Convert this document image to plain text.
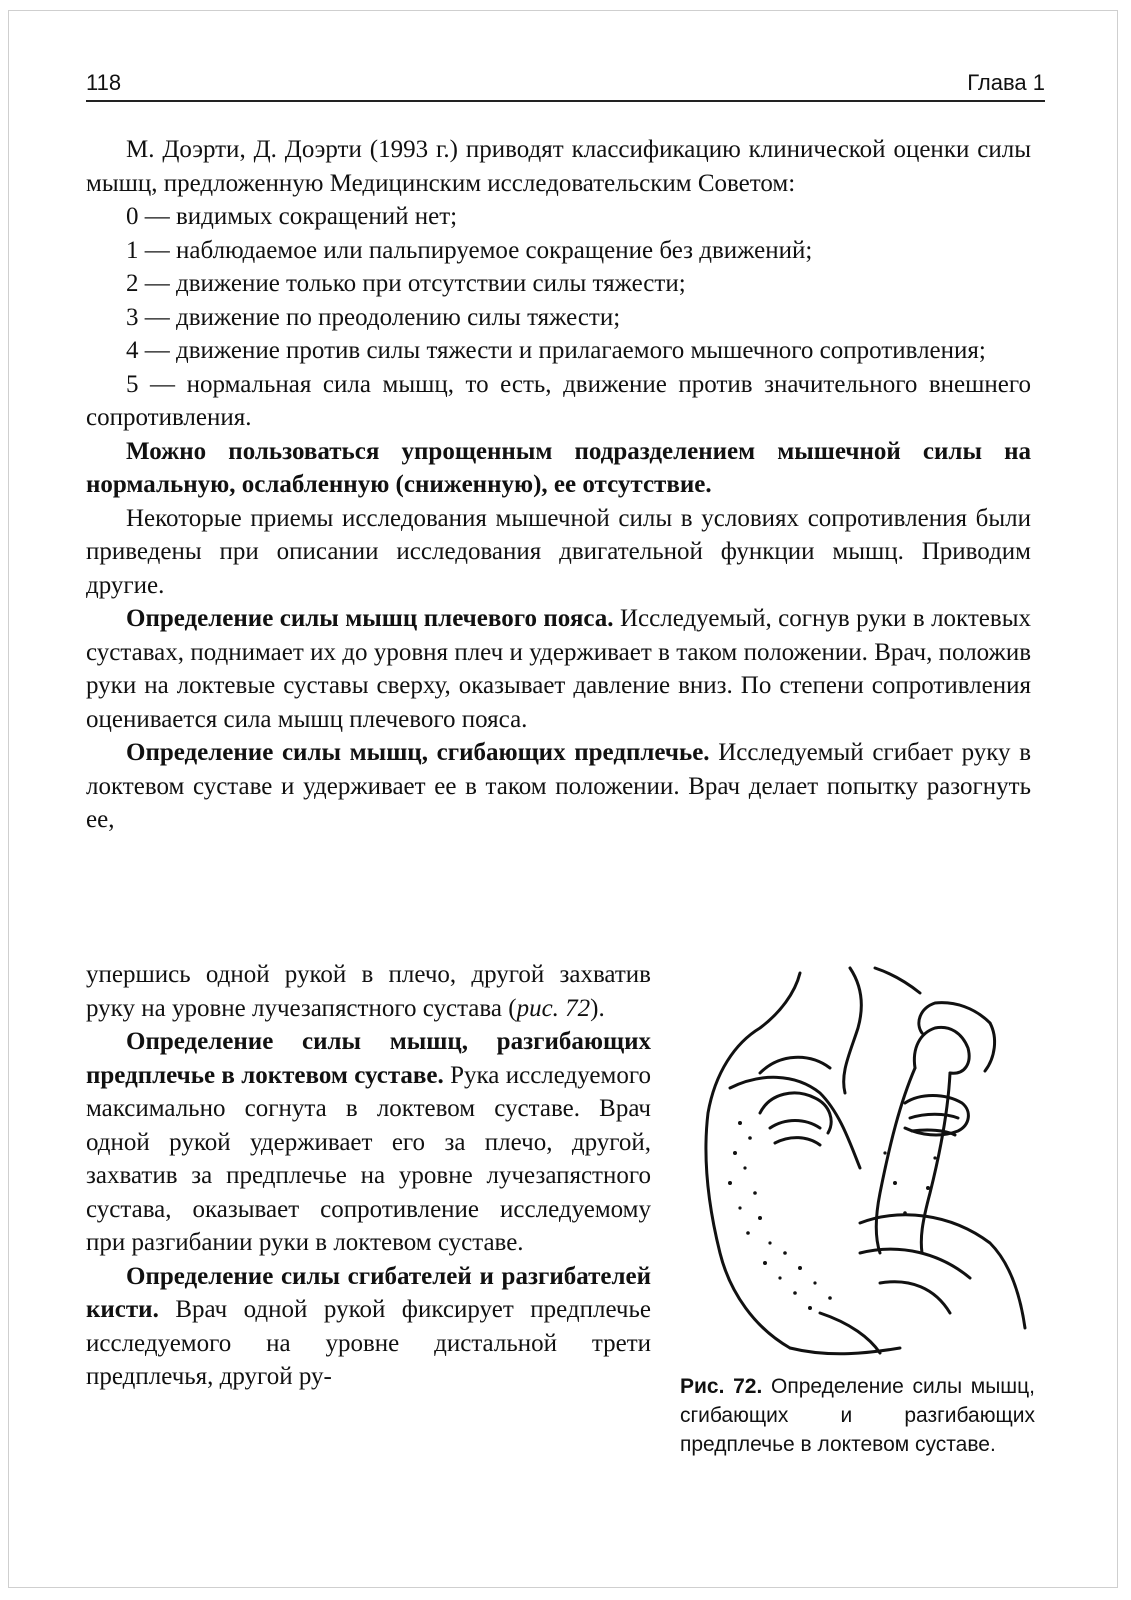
118	Глава 1

М. Доэрти, Д. Доэрти (1993 г.) приводят классификацию клинической оценки силы мышц, предложенную Медицинским исследовательским Советом:

0 — видимых сокращений нет;

1 — наблюдаемое или пальпируемое сокращение без движений;

2 — движение только при отсутствии силы тяжести;

3 — движение по преодолению силы тяжести;

4 — движение против силы тяжести и прилагаемого мышечного сопротивления;

5 — нормальная сила мышц, то есть, движение против значительного внешнего сопротивления.

Можно пользоваться упрощенным подразделением мышечной силы на нормальную, ослабленную (сниженную), ее отсутствие.

Некоторые приемы исследования мышечной силы в условиях сопротивления были приведены при описании исследования двигательной функции мышц. Приводим другие.

Определение силы мышц плечевого пояса. Исследуемый, согнув руки в локтевых суставах, поднимает их до уровня плеч и удерживает в таком положении. Врач, положив руки на локтевые суставы сверху, оказывает давление вниз. По степени сопротивления оценивается сила мышц плечевого пояса.

Определение силы мышц, сгибающих предплечье. Исследуемый сгибает руку в локтевом суставе и удерживает ее в таком положении. Врач делает попытку разогнуть ее,

упершись одной рукой в плечо, другой захватив руку на уровне лучезапястного сустава (рис. 72).

Определение силы мышц, разгибающих предплечье в локтевом суставе. Рука исследуемого максимально согнута в локтевом суставе. Врач одной рукой удерживает его за плечо, другой, захватив за предплечье на уровне лучезапястного сустава, оказывает сопротивление исследуемому при разгибании руки в локтевом суставе.

Определение силы сгибателей и разгибателей кисти. Врач одной рукой фиксирует предплечье исследуемого на уровне дистальной трети предплечья, другой ру-	Рис. 72. Определение силы мышц, сгибающих и разгибающих предплечье в локтевом суставе.
